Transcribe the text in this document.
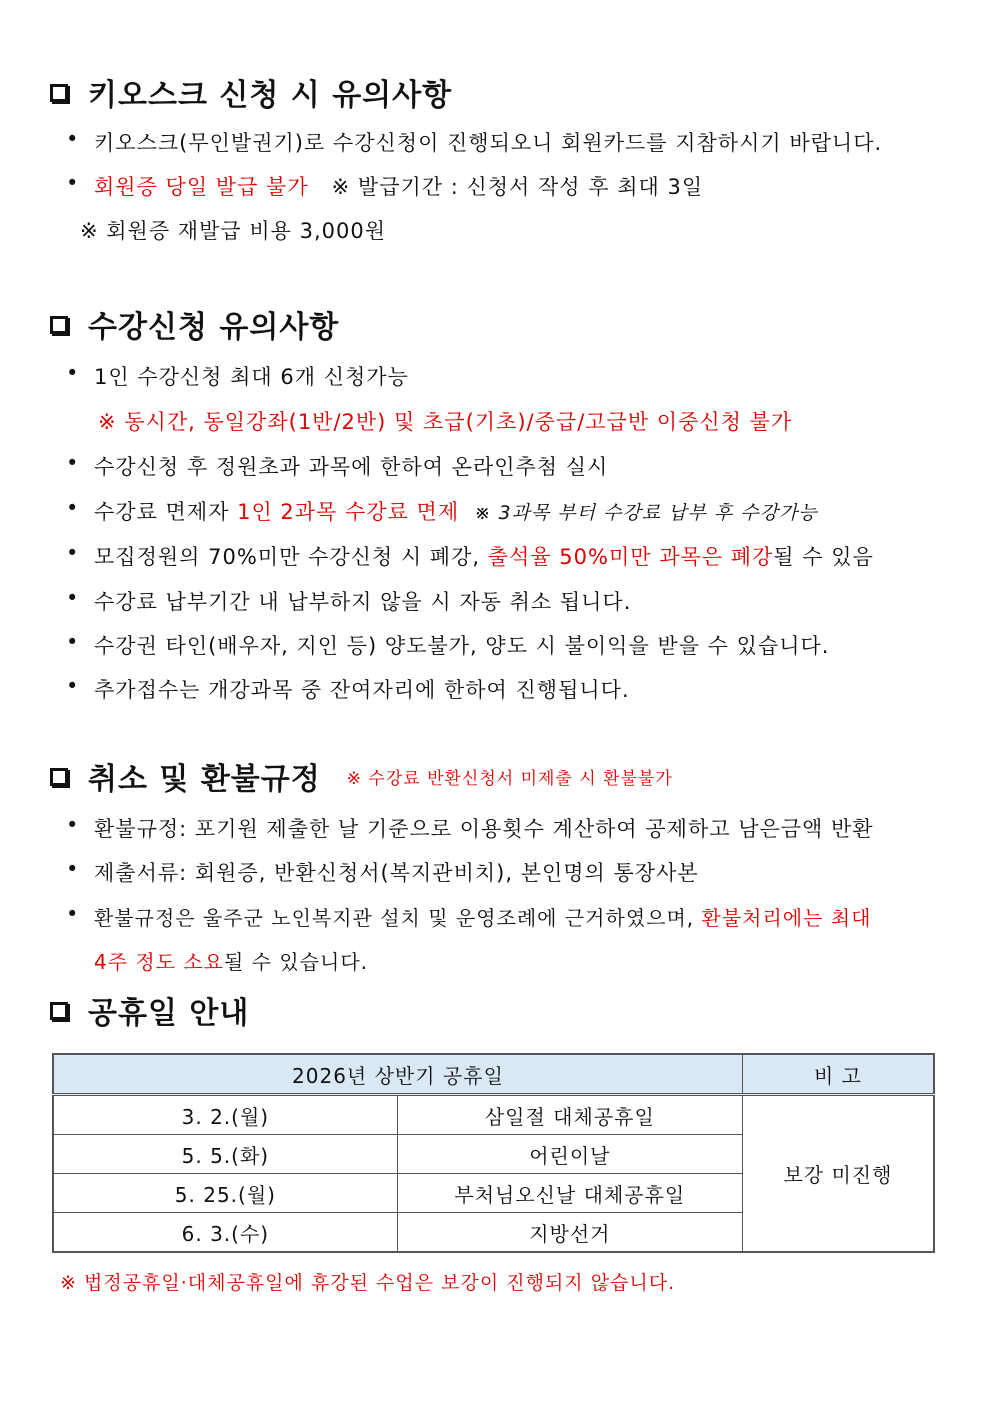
키오스크 신청 시 유의사항
• 키오스크(무인발권기)로 수강신청이 진행되오니 회원카드를 지참하시기 바랍니다.
• 회원증 당일 발급 불가 ※ 발급기간 : 신청서 작성 후 최대 3일
※ 회원증 재발급 비용 3,000원
수강신청 유의사항
• 1인 수강신청 최대 6개 신청가능
※ 동시간, 동일강좌(1반/2반) 및 초급(기초)/중급/고급반 이중신청 불가
• 수강신청 후 정원초과 과목에 한하여 온라인추첨 실시
• 수강료 면제자 1인 2과목 수강료 면제 ※ 3과목 부터 수강료 납부 후 수강가능
• 모집정원의 70%미만 수강신청 시 폐강, 출석율 50%미만 과목은 폐강될 수 있음
• 수강료 납부기간 내 납부하지 않을 시 자동 취소 됩니다.
• 수강권 타인(배우자, 지인 등) 양도불가, 양도 시 불이익을 받을 수 있습니다.
• 추가접수는 개강과목 중 잔여자리에 한하여 진행됩니다.
취소 및 환불규정 ※ 수강료 반환신청서 미제출 시 환불불가
• 환불규정: 포기원 제출한 날 기준으로 이용횟수 계산하여 공제하고 남은금액 반환
• 제출서류: 회원증, 반환신청서(복지관비치), 본인명의 통장사본
• 환불규정은 울주군 노인복지관 설치 및 운영조례에 근거하였으며, 환불처리에는 최대
4주 정도 소요될 수 있습니다.
공휴일 안내
2026년 상반기 공휴일		비 고
3. 2.(월)	삼일절 대체공휴일	보강 미진행
5. 5.(화)	어린이날	
5. 25.(월)	부처님오신날 대체공휴일	
6. 3.(수)	지방선거	
※ 법정공휴일·대체공휴일에 휴강된 수업은 보강이 진행되지 않습니다.
